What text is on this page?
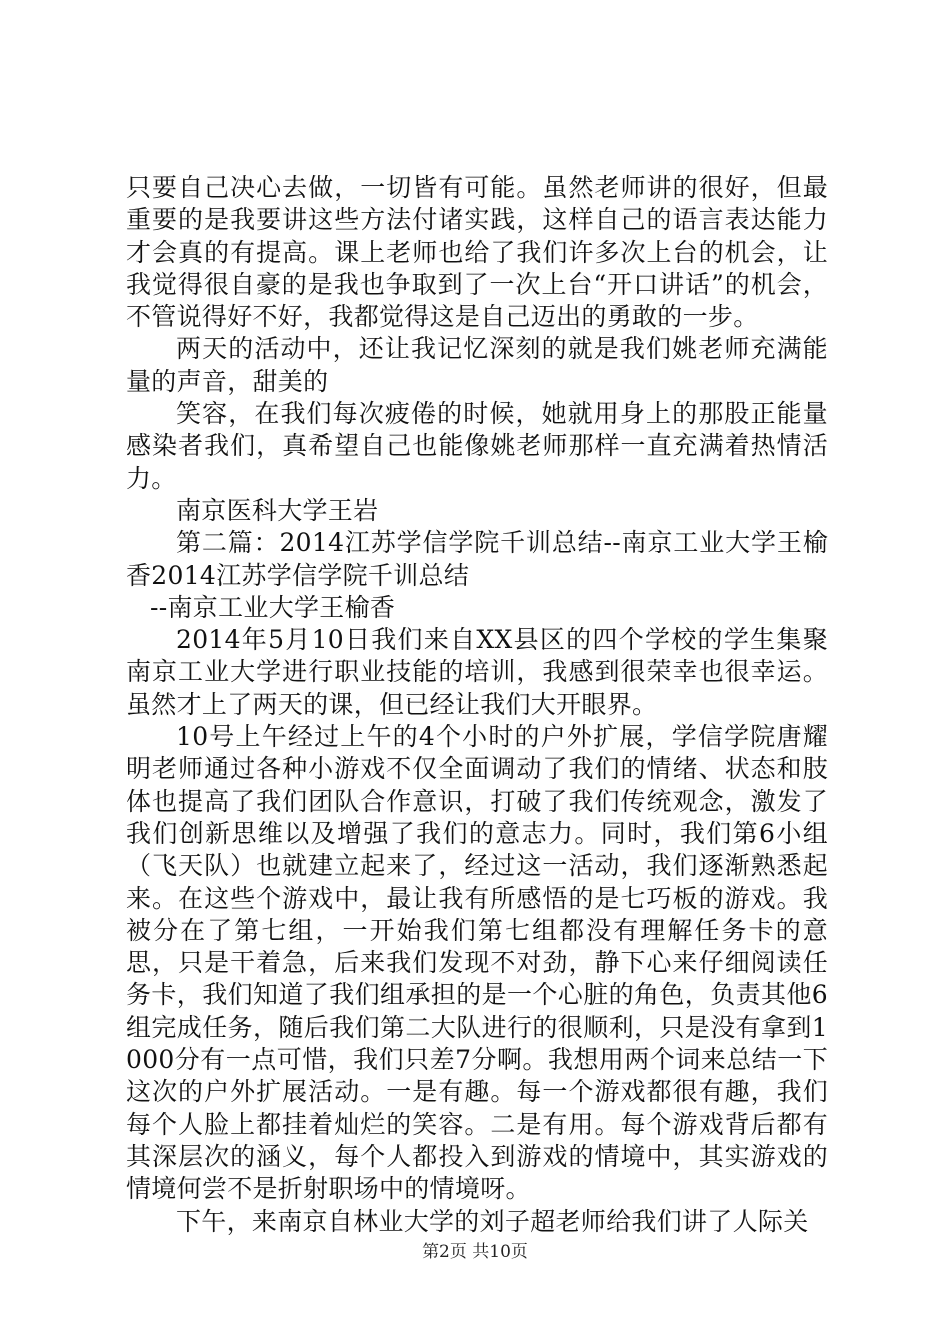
只要自己决心去做，一切皆有可能。虽然老师讲的很好，但最重要的是我要讲这些方法付诸实践，这样自己的语言表达能力才会真的有提高。课上老师也给了我们许多次上台的机会，让我觉得很自豪的是我也争取到了一次上台“开口讲话”的机会，不管说得好不好，我都觉得这是自己迈出的勇敢的一步。

两天的活动中，还让我记忆深刻的就是我们姚老师充满能量的声音，甜美的

笑容，在我们每次疲倦的时候，她就用身上的那股正能量感染者我们，真希望自己也能像姚老师那样一直充满着热情活力。

南京医科大学王岩

第二篇：2014江苏学信学院千训总结--南京工业大学王榆香2014江苏学信学院千训总结

--南京工业大学王榆香

2014年5月10日我们来自XX县区的四个学校的学生集聚南京工业大学进行职业技能的培训，我感到很荣幸也很幸运。虽然才上了两天的课，但已经让我们大开眼界。

10号上午经过上午的4个小时的户外扩展，学信学院唐耀明老师通过各种小游戏不仅全面调动了我们的情绪、状态和肢体也提高了我们团队合作意识，打破了我们传统观念，激发了我们创新思维以及增强了我们的意志力。同时，我们第6小组（飞天队）也就建立起来了，经过这一活动，我们逐渐熟悉起来。在这些个游戏中，最让我有所感悟的是七巧板的游戏。我被分在了第七组，一开始我们第七组都没有理解任务卡的意思，只是干着急，后来我们发现不对劲，静下心来仔细阅读任务卡，我们知道了我们组承担的是一个心脏的角色，负责其他6组完成任务，随后我们第二大队进行的很顺利，只是没有拿到1000分有一点可惜，我们只差7分啊。我想用两个词来总结一下这次的户外扩展活动。一是有趣。每一个游戏都很有趣，我们每个人脸上都挂着灿烂的笑容。二是有用。每个游戏背后都有其深层次的涵义，每个人都投入到游戏的情境中，其实游戏的情境何尝不是折射职场中的情境呀。

下午，来南京自林业大学的刘子超老师给我们讲了人际关

第2页 共10页
